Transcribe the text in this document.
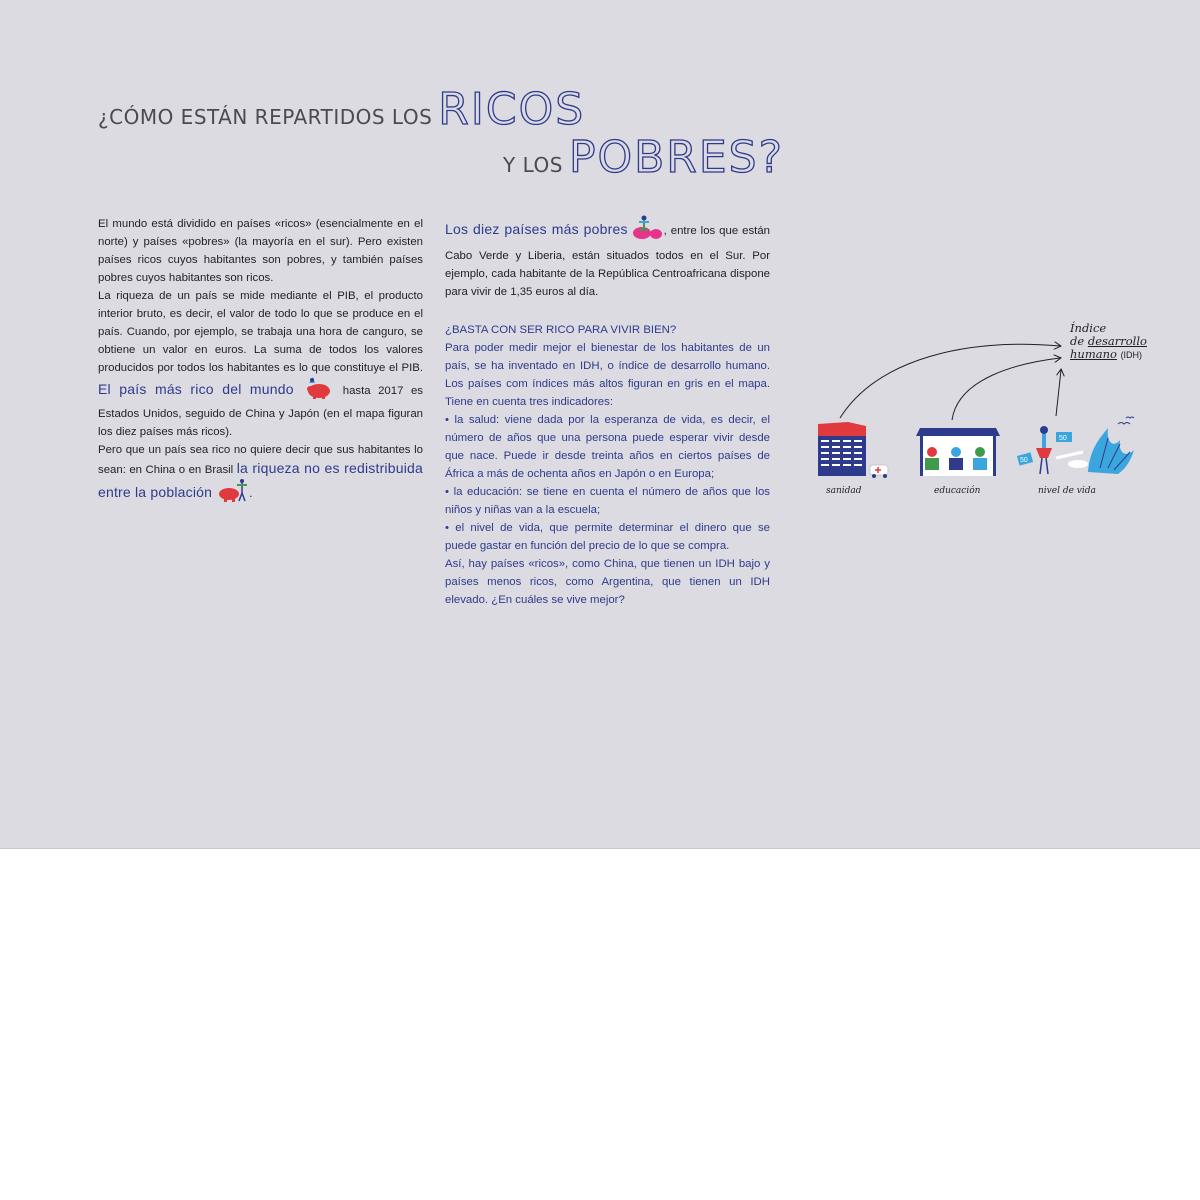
¿CÓMO ESTÁN REPARTIDOS LOS RICOS
Y LOS POBRES?

El mundo está dividido en países «ricos» (esencialmente en el norte) y países «pobres» (la mayoría en el sur). Pero existen países ricos cuyos habitantes son pobres, y también países pobres cuyos habitantes son ricos.

La riqueza de un país se mide mediante el PIB, el producto interior bruto, es decir, el valor de todo lo que se produce en el país. Cuando, por ejemplo, se trabaja una hora de canguro, se obtiene un valor en euros. La suma de todos los valores producidos por todos los habitantes es lo que constituye el PIB. El país más rico del mundo	hasta 2017 es Estados Unidos, seguido de China y Japón (en el mapa figuran los diez países más ricos).

Pero que un país sea rico no quiere decir que sus habitantes lo sean: en China o en Brasil la riqueza no es redistribuida entre la población	.

Los diez países más pobres	, entre los que están Cabo Verde y Liberia, están situados todos en el Sur. Por ejemplo, cada habitante de la República Centroafricana dispone para vivir de 1,35 euros al día.

¿BASTA CON SER RICO PARA VIVIR BIEN?

Para poder medir mejor el bienestar de los habitantes de un país, se ha inventado en IDH, o índice de desarrollo humano. Los países com índices más altos figuran en gris en el mapa. Tiene en cuenta tres indicadores:

• la salud: viene dada por la esperanza de vida, es decir, el número de años que una persona puede esperar vivir desde que nace. Puede ir desde treinta años en ciertos países de África a más de ochenta años en Japón o en Europa;

• la educación: se tiene en cuenta el número de años que los niños y niñas van a la escuela;

• el nivel de vida, que permite determinar el dinero que se puede gastar en función del precio de lo que se compra.

Así, hay países «ricos», como China, que tienen un IDH bajo y países menos ricos, como Argentina, que tienen un IDH elevado. ¿En cuáles se vive mejor?

50
50
Índice
de desarrollo
humano (IDH)
sanidad	educación	nivel de vida
